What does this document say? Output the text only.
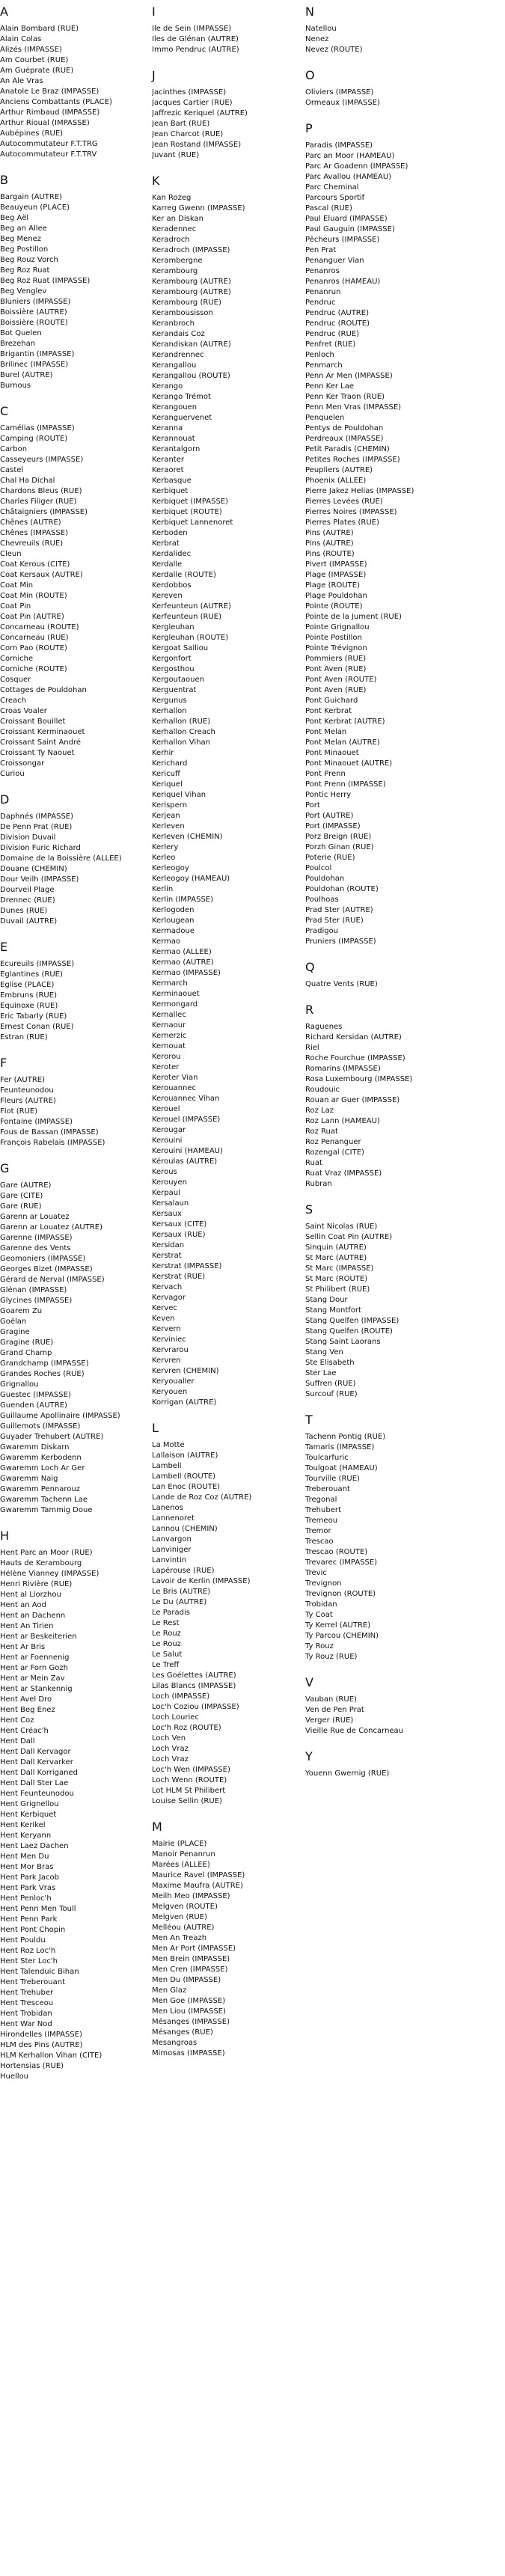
A
Alain Bombard (RUE)
Alain Colas
Alizés (IMPASSE)
Am Courbet (RUE)
Am Guéprate (RUE)
An Ale Vras
Anatole Le Braz (IMPASSE)
Anciens Combattants (PLACE)
Arthur Rimbaud (IMPASSE)
Arthur Rioual (IMPASSE)
Aubépines (RUE)
Autocommutateur F.T.TRG
Autocommutateur F.T.TRV
B
Bargain (AUTRE)
Beauyeun (PLACE)
Beg Aël
Beg an Allee
Beg Menez
Beg Postillon
Beg Rouz Vorch
Beg Roz Ruat
Beg Roz Ruat (IMPASSE)
Beg Venglev
Bluniers (IMPASSE)
Boissière (AUTRE)
Boissière (ROUTE)
Bot Quelen
Brezehan
Brigantin (IMPASSE)
Brilinec (IMPASSE)
Burel (AUTRE)
Burnous
C
Camélias (IMPASSE)
Camping (ROUTE)
Carbon
Casseyeurs (IMPASSE)
Castel
Chal Ha Dichal
Chardons Bleus (RUE)
Charles Filiger (RUE)
Châtaigniers (IMPASSE)
Chênes (AUTRE)
Chênes (IMPASSE)
Chevreuils (RUE)
Cleun
Coat Kerous (CITE)
Coat Kersaux (AUTRE)
Coat Min
Coat Min (ROUTE)
Coat Pin
Coat Pin (AUTRE)
Concarneau (ROUTE)
Concarneau (RUE)
Corn Pao (ROUTE)
Corniche
Corniche (ROUTE)
Cosquer
Cottages de Pouldohan
Creach
Croas Voaler
Croissant Bouillet
Croissant Kerminaouet
Croissant Saint André
Croissant Ty Naouet
Croissongar
Curiou
D
Daphnés (IMPASSE)
De Penn Prat (RUE)
Division Duvail
Division Furic Richard
Domaine de la Boissière (ALLEE)
Douane (CHEMIN)
Dour Veilh (IMPASSE)
Dourveil Plage
Drennec (RUE)
Dunes (RUE)
Duvail (AUTRE)
E
Ecureuils (IMPASSE)
Eglantines (RUE)
Eglise (PLACE)
Embruns (RUE)
Equinoxe (RUE)
Eric Tabarly (RUE)
Ernest Conan (RUE)
Estran (RUE)
F
Fer (AUTRE)
Feunteunodou
Fleurs (AUTRE)
Flot (RUE)
Fontaine (IMPASSE)
Fous de Bassan (IMPASSE)
François Rabelais (IMPASSE)
G
Gare (AUTRE)
Gare (CITE)
Gare (RUE)
Garenn ar Louatez
Garenn ar Louatez (AUTRE)
Garenne (IMPASSE)
Garenne des Vents
Geomoniers (IMPASSE)
Georges Bizet (IMPASSE)
Gérard de Nerval (IMPASSE)
Glénan (IMPASSE)
Glycines (IMPASSE)
Goarem Zu
Goëlan
Gragine
Gragine (RUE)
Grand Champ
Grandchamp (IMPASSE)
Grandes Roches (RUE)
Grignallou
Guestec (IMPASSE)
Guenden (AUTRE)
Guillaume Apollinaire (IMPASSE)
Guillemots (IMPASSE)
Guyader Trehubert (AUTRE)
Gwaremm Diskarn
Gwaremm Kerbodenn
Gwaremm Loch Ar Ger
Gwaremm Naig
Gwaremm Pennarouz
Gwaremm Tachenn Lae
Gwaremm Tammig Doue
H
Hent Parc an Moor (RUE)
Hauts de Kerambourg
Hélène Vianney (IMPASSE)
Henri Rivière (RUE)
Hent al Liorzhou
Hent an Aod
Hent an Dachenn
Hent An Tirien
Hent ar Beskeiterien
Hent Ar Bris
Hent ar Foennenig
Hent ar Forn Gozh
Hent ar Mein Zav
Hent ar Stankennig
Hent Avel Dro
Hent Beg Enez
Hent Coz
Hent Créac'h
Hent Dall
Hent Dall Kervagor
Hent Dall Kervarker
Hent Dall Korriganed
Hent Dall Ster Lae
Hent Feunteunodou
Hent Grignellou
Hent Kerbiquet
Hent Kerikel
Hent Keryann
Hent Laez Dachen
Hent Men Du
Hent Mor Bras
Hent Park Jacob
Hent Park Vras
Hent Penloc'h
Hent Penn Men Toull
Hent Penn Park
Hent Pont Chopin
Hent Pouldu
Hent Roz Loc'h
Hent Ster Loc'h
Hent Talenduic Bihan
Hent Treberouant
Hent Trehuber
Hent Tresceou
Hent Trobidan
Hent War Nod
Hirondelles (IMPASSE)
HLM des Pins (AUTRE)
HLM Kerhallon Vihan (CITE)
Hortensias (RUE)
Huellou
I
Ile de Sein (IMPASSE)
Iles de Glénan (AUTRE)
Immo Pendruc (AUTRE)
J
Jacinthes (IMPASSE)
Jacques Cartier (RUE)
Jaffrezic Keriquel (AUTRE)
Jean Bart (RUE)
Jean Charcot (RUE)
Jean Rostand (IMPASSE)
Juvant (RUE)
K
Kan Rozeg
Karreg Gwenn (IMPASSE)
Ker an Diskan
Keradennec
Keradroch
Keradroch (IMPASSE)
Kerambergne
Kerambourg
Kerambourg (AUTRE)
Kerambourg (AUTRE)
Kerambourg (RUE)
Kerambousisson
Keranbroch
Kerandais Coz
Kerandiskan (AUTRE)
Kerandrennec
Kerangallou
Kerangallou (ROUTE)
Kerango
Kerango Trémot
Kerangouen
Keranguervenet
Keranna
Kerannouat
Kerantalgorn
Keranter
Keraoret
Kerbasque
Kerbiquet
Kerbiquet (IMPASSE)
Kerbiquet (ROUTE)
Kerbiquet Lannenoret
Kerboden
Kerbrat
Kerdalidec
Kerdalle
Kerdalle (ROUTE)
Kerdobbos
Kereven
Kerfeunteun (AUTRE)
Kerfeunteun (RUE)
Kergleuhan
Kergleuhan (ROUTE)
Kergoat Salliou
Kergonfort
Kergosthou
Kergoutaouen
Kerguentrat
Kergunus
Kerhallon
Kerhallon (RUE)
Kerhallon Creach
Kerhallon Vihan
Kerhir
Kerichard
Kericuff
Keriquel
Keriquel Vihan
Kerispern
Kerjean
Kerleven
Kerleven (CHEMIN)
Kerlery
Kerleo
Kerleogoy
Kerleogoy (HAMEAU)
Kerlin
Kerlin (IMPASSE)
Kerlogoden
Kerlougean
Kermadoue
Kermao
Kermao (ALLEE)
Kermao (AUTRE)
Kermao (IMPASSE)
Kermarch
Kerminaouet
Kermongard
Kernallec
Kernaour
Kernerzic
Kernouat
Kerorou
Keroter
Keroter Vian
Kerouannec
Kerouannec Vihan
Kerouel
Kerouel (IMPASSE)
Kerougar
Kerouini
Kerouini (HAMEAU)
Kéroulas (AUTRE)
Kerous
Kerouyen
Kerpaul
Kersalaun
Kersaux
Kersaux (CITE)
Kersaux (RUE)
Kersidan
Kerstrat
Kerstrat (IMPASSE)
Kerstrat (RUE)
Kervach
Kervagor
Kervec
Keven
Kervern
Kerviniec
Kervrarou
Kervren
Kervren (CHEMIN)
Keryoualler
Keryouen
Korrigan (AUTRE)
L
La Motte
Lallaison (AUTRE)
Lambell
Lambell (ROUTE)
Lan Enoc (ROUTE)
Lande de Roz Coz (AUTRE)
Lanenos
Lannenoret
Lannou (CHEMIN)
Lanvargon
Lanviniger
Lanvintin
Lapérouse (RUE)
Lavoir de Kerlin (IMPASSE)
Le Bris (AUTRE)
Le Du (AUTRE)
Le Paradis
Le Rest
Le Rouz
Le Rouz
Le Salut
Le Treff
Les Goélettes (AUTRE)
Lilas Blancs (IMPASSE)
Loch (IMPASSE)
Loc'h Coziou (IMPASSE)
Loch Louriec
Loc'h Roz (ROUTE)
Loch Ven
Loch Vraz
Loch Vraz
Loc'h Wen (IMPASSE)
Loch Wenn (ROUTE)
Lot HLM St Philibert
Louise Sellin (RUE)
M
Mairie (PLACE)
Manoir Penanrun
Marées (ALLEE)
Maurice Ravel (IMPASSE)
Maxime Maufra (AUTRE)
Meilh Meo (IMPASSE)
Melgven (ROUTE)
Melgven (RUE)
Melléou (AUTRE)
Men An Treazh
Men Ar Port (IMPASSE)
Men Brein (IMPASSE)
Men Cren (IMPASSE)
Men Du (IMPASSE)
Men Glaz
Men Goe (IMPASSE)
Men Liou (IMPASSE)
Mésanges (IMPASSE)
Mésanges (RUE)
Mesangroas
Mimosas (IMPASSE)
N
Natellou
Nenez
Nevez (ROUTE)
O
Oliviers (IMPASSE)
Ormeaux (IMPASSE)
P
Paradis (IMPASSE)
Parc an Moor (HAMEAU)
Parc Ar Goadenn (IMPASSE)
Parc Avallou (HAMEAU)
Parc Cheminal
Parcours Sportif
Pascal (RUE)
Paul Eluard (IMPASSE)
Paul Gauguin (IMPASSE)
Pêcheurs (IMPASSE)
Pen Prat
Penanguer Vian
Penanros
Penanros (HAMEAU)
Penanrun
Pendruc
Pendruc (AUTRE)
Pendruc (ROUTE)
Pendruc (RUE)
Penfret (RUE)
Penloch
Penmarch
Penn Ar Men (IMPASSE)
Penn Ker Lae
Penn Ker Traon (RUE)
Penn Men Vras (IMPASSE)
Penquelen
Pentys de Pouldohan
Perdreaux (IMPASSE)
Petit Paradis (CHEMIN)
Petites Roches (IMPASSE)
Peupliers (AUTRE)
Phoenix (ALLEE)
Pierre Jakez Helias (IMPASSE)
Pierres Levées (RUE)
Pierres Noires (IMPASSE)
Pierres Plates (RUE)
Pins (AUTRE)
Pins (AUTRE)
Pins (ROUTE)
Pivert (IMPASSE)
Plage (IMPASSE)
Plage (ROUTE)
Plage Pouldohan
Pointe (ROUTE)
Pointe de la Jument (RUE)
Pointe Grignallou
Pointe Postillon
Pointe Trévignon
Pommiers (RUE)
Pont Aven (RUE)
Pont Aven (ROUTE)
Pont Aven (RUE)
Pont Guichard
Pont Kerbrat
Pont Kerbrat (AUTRE)
Pont Melan
Pont Melan (AUTRE)
Pont Minaouet
Pont Minaouet (AUTRE)
Pont Prenn
Pont Prenn (IMPASSE)
Pontic Herry
Port
Port (AUTRE)
Port (IMPASSE)
Porz Breign (RUE)
Porzh Ginan (RUE)
Poterie (RUE)
Poulcol
Pouldohan
Pouldohan (ROUTE)
Poulhoas
Prad Ster (AUTRE)
Prad Ster (RUE)
Pradigou
Pruniers (IMPASSE)
Q
Quatre Vents (RUE)
R
Raguenes
Richard Kersidan (AUTRE)
Riel
Roche Fourchue (IMPASSE)
Romarins (IMPASSE)
Rosa Luxembourg (IMPASSE)
Roudouic
Rouan ar Guer (IMPASSE)
Roz Laz
Roz Lann (HAMEAU)
Roz Ruat
Roz Penanguer
Rozengal (CITE)
Ruat
Ruat Vraz (IMPASSE)
Rubran
S
Saint Nicolas (RUE)
Sellin Coat Pin (AUTRE)
Sinquin (AUTRE)
St Marc (AUTRE)
St Marc (IMPASSE)
St Marc (ROUTE)
St Philibert (RUE)
Stang Dour
Stang Montfort
Stang Quelfen (IMPASSE)
Stang Quelfen (ROUTE)
Stang Saint Laorans
Stang Ven
Ste Elisabeth
Ster Lae
Suffren (RUE)
Surcouf (RUE)
T
Tachenn Pontig (RUE)
Tamaris (IMPASSE)
Toulcarfuric
Toulgoat (HAMEAU)
Tourville (RUE)
Treberouant
Tregonal
Trehubert
Tremeou
Tremor
Trescao
Trescao (ROUTE)
Trevarec (IMPASSE)
Trevic
Trevignon
Trevignon (ROUTE)
Trobidan
Ty Coat
Ty Kerrel (AUTRE)
Ty Parcou (CHEMIN)
Ty Rouz
Ty Rouz (RUE)
V
Vauban (RUE)
Ven de Pen Prat
Verger (RUE)
Vieille Rue de Concarneau
Y
Youenn Gwernig (RUE)
